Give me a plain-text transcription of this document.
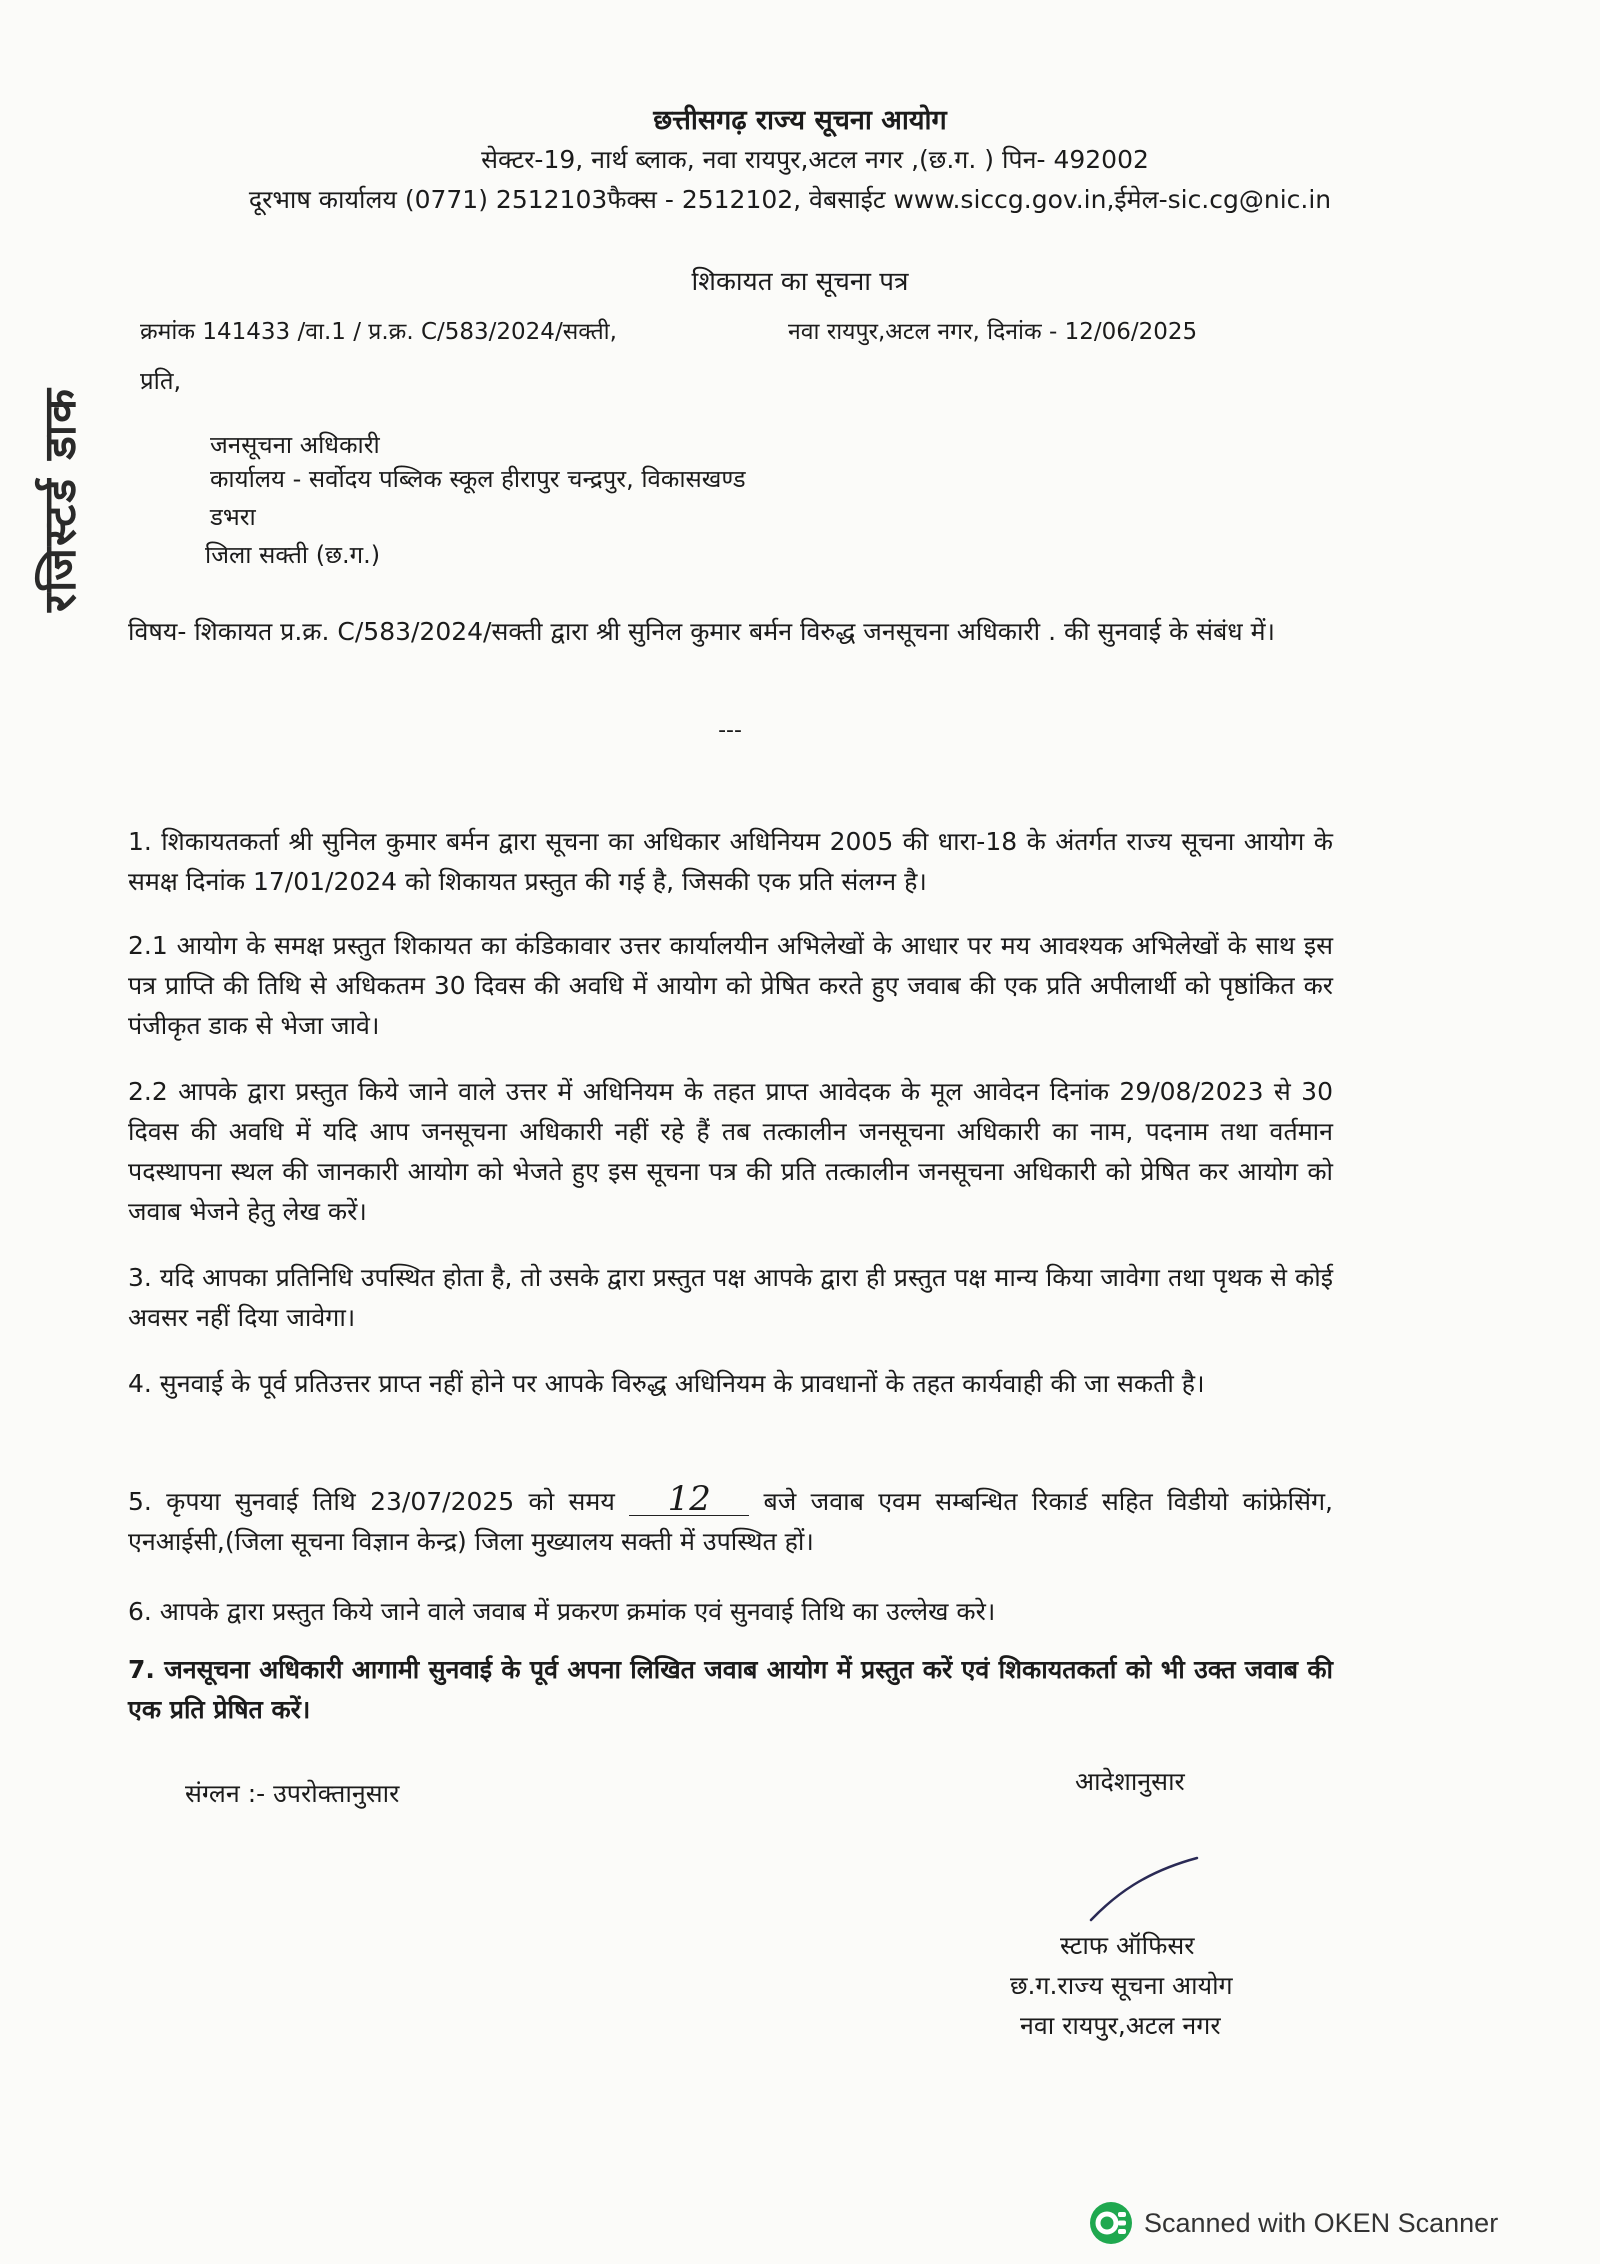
छत्तीसगढ़ राज्य सूचना आयोग
सेक्टर-19, नार्थ ब्लाक, नवा रायपुर,अटल नगर ,(छ.ग. ) पिन- 492002
दूरभाष कार्यालय (0771) 2512103फैक्स - 2512102, वेबसाईट www.siccg.gov.in,ईमेल-sic.cg@nic.in
शिकायत का सूचना पत्र
क्रमांक 141433 /वा.1 / प्र.क्र. C/583/2024/सक्ती,	नवा रायपुर,अटल नगर, दिनांक - 12/06/2025
प्रति,
जनसूचना अधिकारी
कार्यालय - सर्वोदय पब्लिक स्कूल हीरापुर चन्द्रपुर, विकासखण्ड
डभरा
जिला सक्ती (छ.ग.)
रजिस्टर्ड डाक
विषय- शिकायत प्र.क्र. C/583/2024/सक्ती द्वारा श्री सुनिल कुमार बर्मन विरुद्ध जनसूचना अधिकारी . की सुनवाई के संबंध में।
---
1. शिकायतकर्ता श्री सुनिल कुमार बर्मन द्वारा सूचना का अधिकार अधिनियम 2005 की धारा-18 के अंतर्गत राज्य सूचना आयोग के समक्ष दिनांक 17/01/2024 को शिकायत प्रस्तुत की गई है, जिसकी एक प्रति संलग्न है।
2.1 आयोग के समक्ष प्रस्तुत शिकायत का कंडिकावार उत्तर कार्यालयीन अभिलेखों के आधार पर मय आवश्यक अभिलेखों के साथ इस पत्र प्राप्ति की तिथि से अधिकतम 30 दिवस की अवधि में आयोग को प्रेषित करते हुए जवाब की एक प्रति अपीलार्थी को पृष्ठांकित कर पंजीकृत डाक से भेजा जावे।
2.2 आपके द्वारा प्रस्तुत किये जाने वाले उत्तर में अधिनियम के तहत प्राप्त आवेदक के मूल आवेदन दिनांक 29/08/2023 से 30 दिवस की अवधि में यदि आप जनसूचना अधिकारी नहीं रहे हैं तब तत्कालीन जनसूचना अधिकारी का नाम, पदनाम तथा वर्तमान पदस्थापना स्थल की जानकारी आयोग को भेजते हुए इस सूचना पत्र की प्रति तत्कालीन जनसूचना अधिकारी को प्रेषित कर आयोग को जवाब भेजने हेतु लेख करें।
3. यदि आपका प्रतिनिधि उपस्थित होता है, तो उसके द्वारा प्रस्तुत पक्ष आपके द्वारा ही प्रस्तुत पक्ष मान्य किया जावेगा तथा पृथक से कोई अवसर नहीं दिया जावेगा।
4. सुनवाई के पूर्व प्रतिउत्तर प्राप्त नहीं होने पर आपके विरुद्ध अधिनियम के प्रावधानों के तहत कार्यवाही की जा सकती है।
5. कृपया सुनवाई तिथि 23/07/2025 को समय 12 बजे जवाब एवम सम्बन्धित रिकार्ड सहित विडीयो कांफ्रेसिंग, एनआईसी,(जिला सूचना विज्ञान केन्द्र) जिला मुख्यालय सक्ती में उपस्थित हों।
6. आपके द्वारा प्रस्तुत किये जाने वाले जवाब में प्रकरण क्रमांक एवं सुनवाई तिथि का उल्लेख करे।
7. जनसूचना अधिकारी आगामी सुनवाई के पूर्व अपना लिखित जवाब आयोग में प्रस्तुत करें एवं शिकायतकर्ता को भी उक्त जवाब की एक प्रति प्रेषित करें।
संग्लन :- उपरोक्तानुसार	आदेशानुसार
स्टाफ ऑफिसर
छ.ग.राज्य सूचना आयोग
नवा रायपुर,अटल नगर
Scanned with OKEN Scanner
